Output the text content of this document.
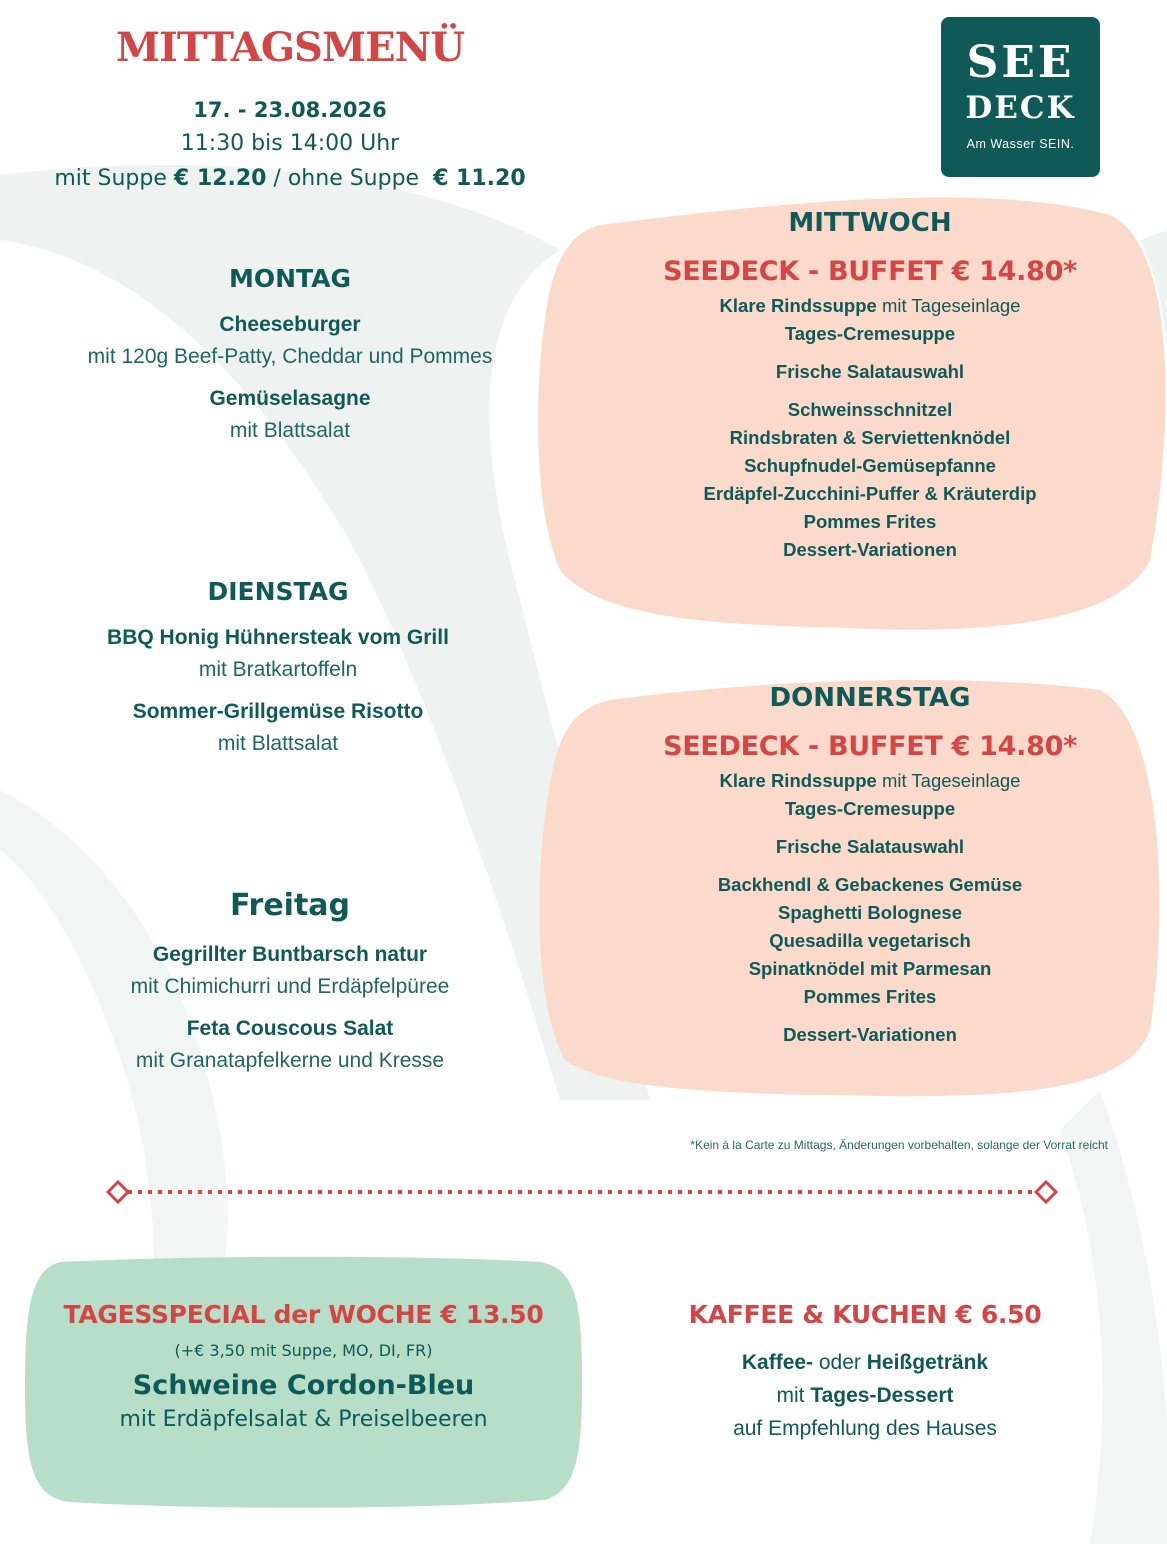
MITTAGSMENÜ
17. - 23.08.2026
11:30 bis 14:00 Uhr
mit Suppe € 12.20 / ohne Suppe € 11.20
SEE
DECK
Am Wasser SEIN.
MONTAG
Cheeseburger
mit 120g Beef-Patty, Cheddar und Pommes
Gemüselasagne
mit Blattsalat
DIENSTAG
BBQ Honig Hühnersteak vom Grill
mit Bratkartoffeln
Sommer-Grillgemüse Risotto
mit Blattsalat
Freitag
Gegrillter Buntbarsch natur
mit Chimichurri und Erdäpfelpüree
Feta Couscous Salat
mit Granatapfelkerne und Kresse
MITTWOCH
SEEDECK - BUFFET € 14.80*
Klare Rindssuppe mit Tageseinlage
Tages-Cremesuppe
Frische Salatauswahl
Schweinsschnitzel
Rindsbraten & Serviettenknödel
Schupfnudel-Gemüsepfanne
Erdäpfel-Zucchini-Puffer & Kräuterdip
Pommes Frites
Dessert-Variationen
DONNERSTAG
SEEDECK - BUFFET € 14.80*
Klare Rindssuppe mit Tageseinlage
Tages-Cremesuppe
Frische Salatauswahl
Backhendl & Gebackenes Gemüse
Spaghetti Bolognese
Quesadilla vegetarisch
Spinatknödel mit Parmesan
Pommes Frites
Dessert-Variationen
*Kein à la Carte zu Mittags, Änderungen vorbehalten, solange der Vorrat reicht
TAGESSPECIAL der WOCHE € 13.50
(+€ 3,50 mit Suppe, MO, DI, FR)
Schweine Cordon-Bleu
mit Erdäpfelsalat & Preiselbeeren
KAFFEE & KUCHEN € 6.50
Kaffee- oder Heißgetränk
mit Tages-Dessert
auf Empfehlung des Hauses
